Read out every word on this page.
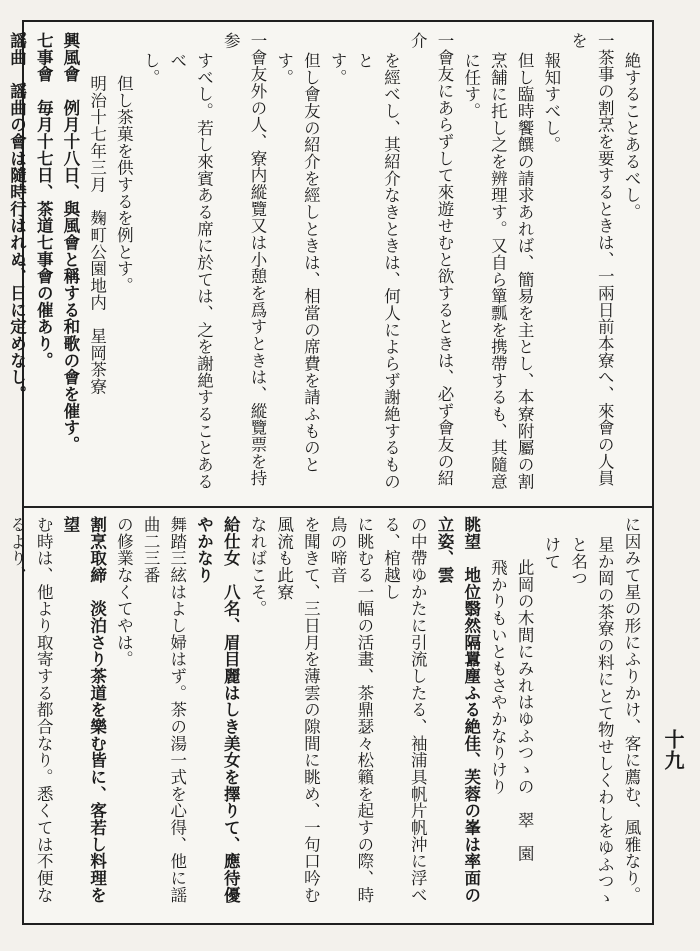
絶することあるべし。

一茶事の割烹を要するときは、一兩日前本寮へ、來會の人員を

報知すべし。

但し臨時饗饌の請求あれば、簡易を主とし、本寮附屬の割

烹舗に托し之を辨理す。又自ら簞瓢を携帶するも、其隨意

に任す。

一會友にあらずして來遊せむと欲するときは、必ず會友の紹介

を經べし、其紹介なきときは、何人によらず謝絶するものと

す。

但し會友の紹介を經しときは、相當の席費を請ふものとす。

一會友外の人、寮内縱覽又は小憩を爲すときは、縱覽票を持参

すべし。若し來賓ある席に於ては、之を謝絶することあるべ

し。

但し茶菓を供するを例とす。

明治十七年三月　麹町公園地内　星岡茶寮

興風會　例月十八日、與風會と稱する和歌の會を催す。

七事會　毎月十七日、茶道七事會の催あり。

謡曲　謡曲の會は隨時行はれぬ、日に定めなし。

に因みて星の形にふりかけ、客に薦む、風雅なり。

星か岡の茶寮の料にとて物せしくわしをゆふつゝと名つ

けて

此岡の木間にみれはゆふつゝの　翠　園

飛かりもいともさやかなりけり

眺望　地位翳然隔囂塵ふる絶佳、芙蓉の峯は率面の立姿、雲

の中帶ゆかたに引流したる、袖浦具帆片帆沖に浮べる、棺越し

に眺むる一幅の活畫、茶鼎瑟々松籟を起すの際、時鳥の啼音

を聞きて、三日月を薄雲の隙間に眺め、一句口吟む風流も此寮

なればこそ。

給仕女　八名、眉目麗はしき美女を擇りて、應待優やかなり

舞踏三絃はよし婦はず。茶の湯一式を心得、他に謡曲二三番

の修業なくてやは。

割烹取締　淡泊さり茶道を樂む皆に、客若し料理を望

む時は、他より取寄する都合なり。悉くては不便なるより、

十九
